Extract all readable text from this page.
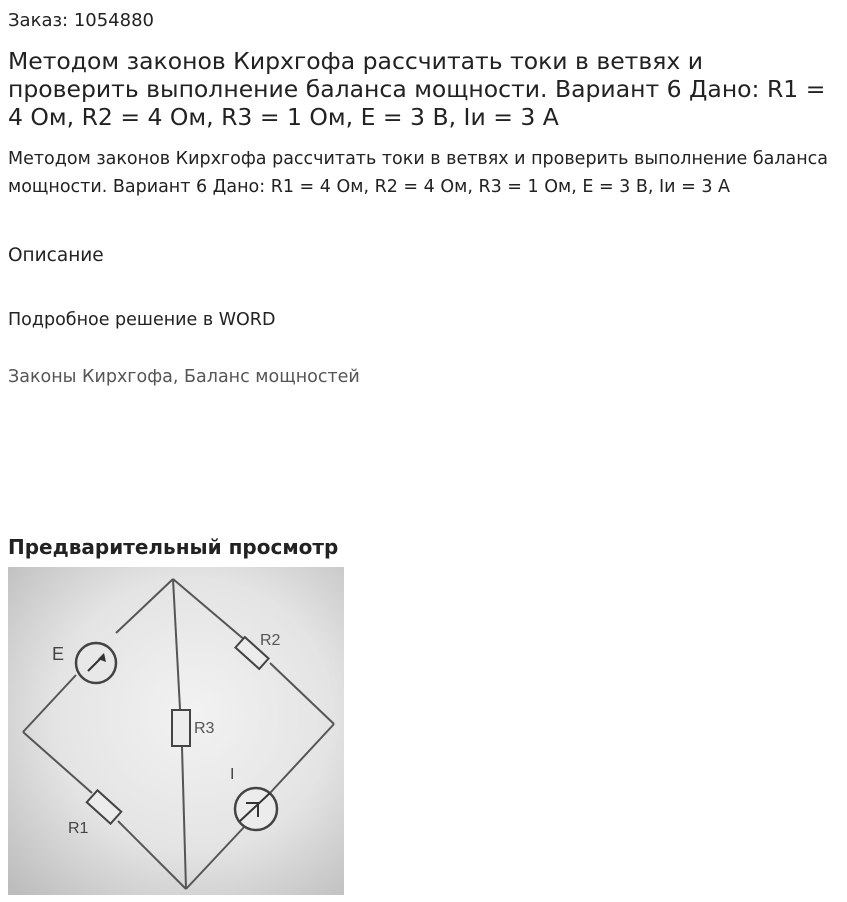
Заказ: 1054880
Методом законов Кирхгофа рассчитать токи в ветвях и проверить выполнение баланса мощности. Вариант 6 Дано: R1 = 4 Ом, R2 = 4 Ом, R3 = 1 Ом, E = 3 B, Iи = 3 A
Методом законов Кирхгофа рассчитать токи в ветвях и проверить выполнение баланса мощности. Вариант 6 Дано: R1 = 4 Ом, R2 = 4 Ом, R3 = 1 Ом, E = 3 B, Iи = 3 A
Описание
Подробное решение в WORD
Законы Кирхгофа, Баланс мощностей
Предварительный просмотр
E
R2
R3
R1
I
